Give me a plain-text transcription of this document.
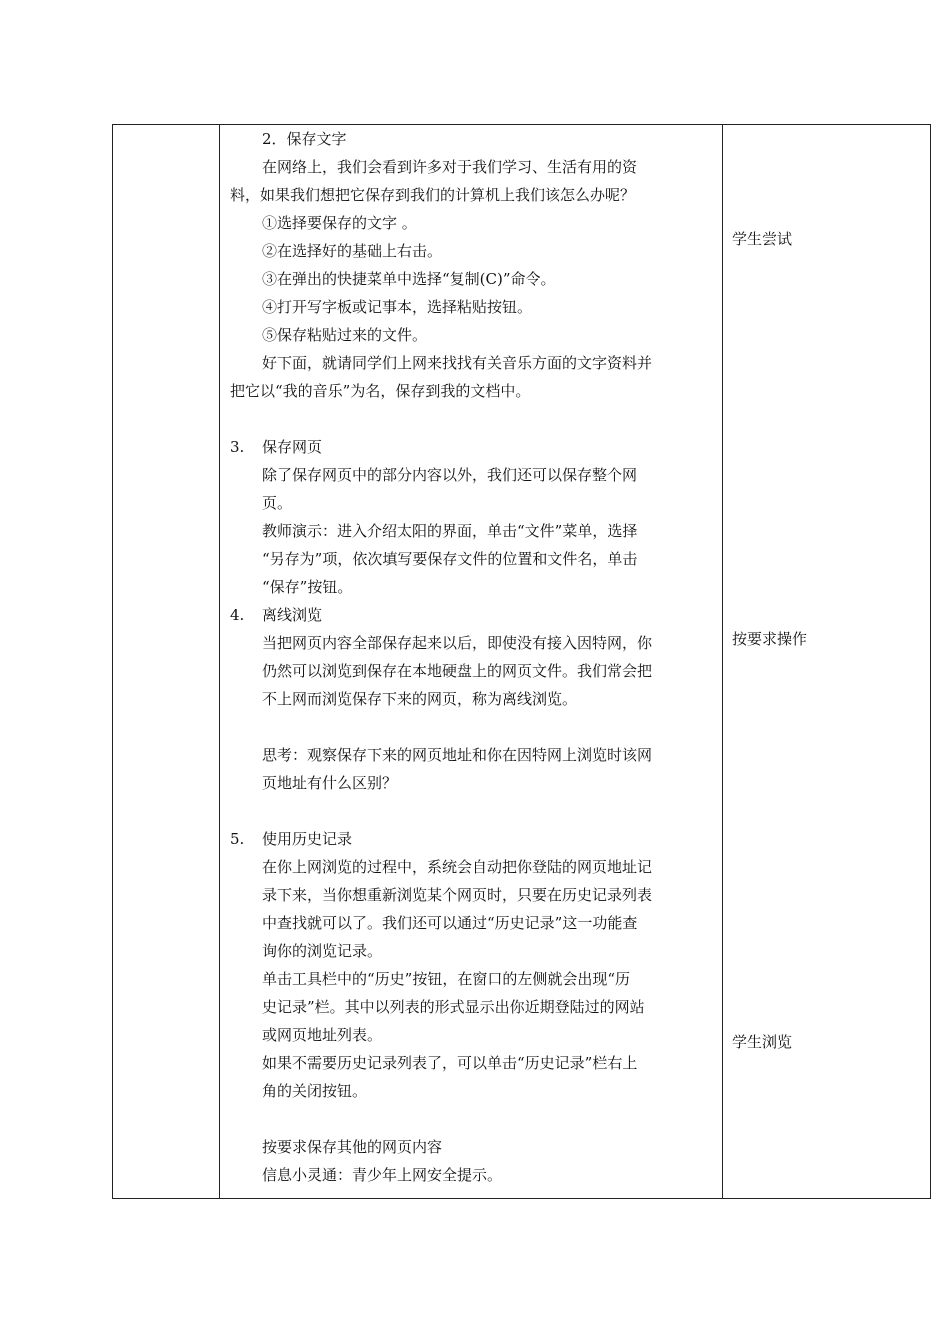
2．保存文字

在网络上，我们会看到许多对于我们学习、生活有用的资

料，如果我们想把它保存到我们的计算机上我们该怎么办呢？

①选择要保存的文字 。

②在选择好的基础上右击。

③在弹出的快捷菜单中选择“复制(C)”命令。

④打开写字板或记事本，选择粘贴按钮。

⑤保存粘贴过来的文件。

好下面，就请同学们上网来找找有关音乐方面的文字资料并

把它以“我的音乐”为名，保存到我的文档中。

3. 保存网页

除了保存网页中的部分内容以外，我们还可以保存整个网

页。

教师演示：进入介绍太阳的界面，单击“文件”菜单，选择

“另存为”项，依次填写要保存文件的位置和文件名，单击

“保存”按钮。

4. 离线浏览

当把网页内容全部保存起来以后，即使没有接入因特网，你

仍然可以浏览到保存在本地硬盘上的网页文件。我们常会把

不上网而浏览保存下来的网页，称为离线浏览。

思考：观察保存下来的网页地址和你在因特网上浏览时该网

页地址有什么区别？

5. 使用历史记录

在你上网浏览的过程中，系统会自动把你登陆的网页地址记

录下来，当你想重新浏览某个网页时，只要在历史记录列表

中查找就可以了。我们还可以通过“历史记录”这一功能查

询你的浏览记录。

单击工具栏中的“历史”按钮，在窗口的左侧就会出现“历

史记录”栏。其中以列表的形式显示出你近期登陆过的网站

或网页地址列表。

如果不需要历史记录列表了，可以单击“历史记录”栏右上

角的关闭按钮。

按要求保存其他的网页内容

信息小灵通：青少年上网安全提示。

学生尝试
按要求操作
学生浏览
